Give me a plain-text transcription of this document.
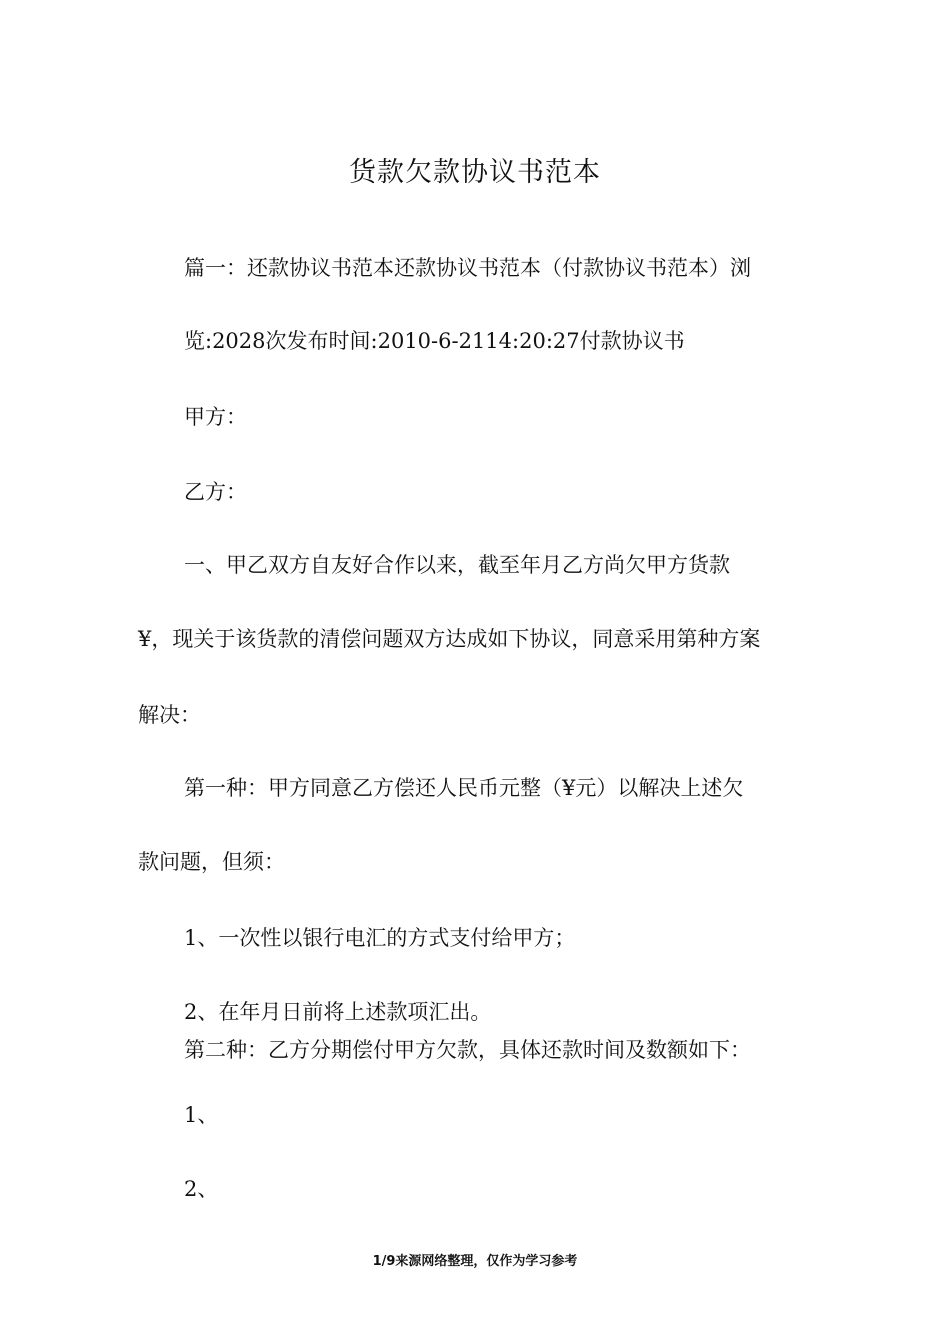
货款欠款协议书范本
篇一：还款协议书范本还款协议书范本（付款协议书范本）浏
览:2028次发布时间:2010-6-2114:20:27付款协议书
甲方：
乙方：
一、甲乙双方自友好合作以来，截至年月乙方尚欠甲方货款
¥，现关于该货款的清偿问题双方达成如下协议，同意采用第种方案
解决：
第一种：甲方同意乙方偿还人民币元整（¥元）以解决上述欠
款问题，但须：
1、一次性以银行电汇的方式支付给甲方；
2、在年月日前将上述款项汇出。
第二种：乙方分期偿付甲方欠款，具体还款时间及数额如下：
1、
2、
1/9来源网络整理，仅作为学习参考
